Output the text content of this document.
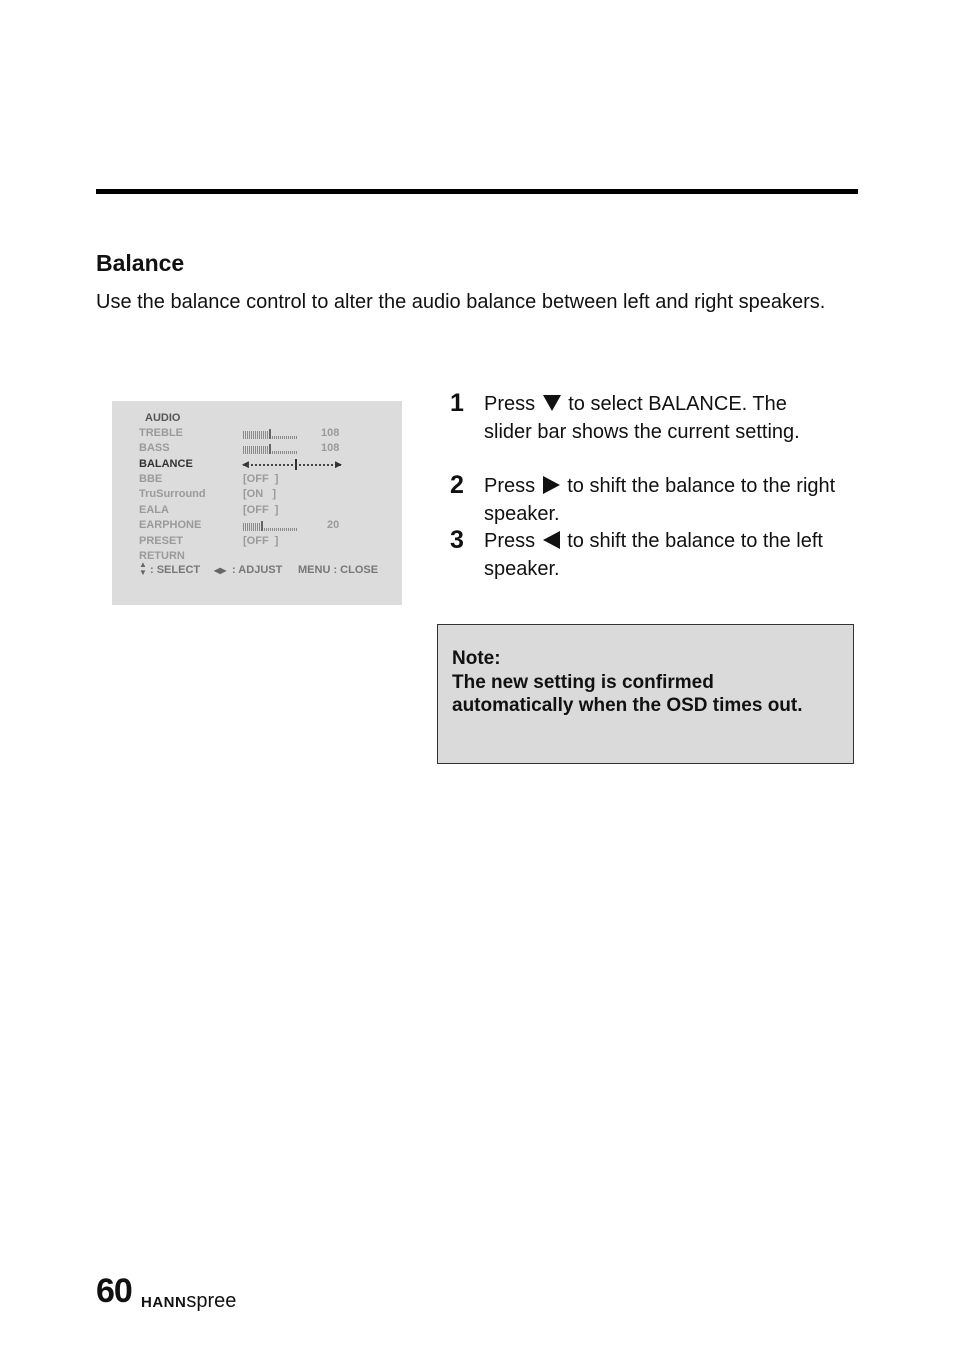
Balance

Use the balance control to alter the audio balance between left and right speakers.

AUDIO
TREBLE	108
BASS	108
BALANCE	◀	▶
BBE	[OFF  ]
TruSurround	[ON   ]
EALA	[OFF  ]
EARPHONE	20
PRESET	[OFF  ]
RETURN
▲
▼ : SELECT ◀▶ : ADJUST MENU : CLOSE
1 Press to select BALANCE. The slider bar shows the current setting.
2 Press to shift the balance to the right speaker.
3 Press to shift the balance to the left speaker.
Note:
The new setting is confirmed automatically when the OSD times out.
60 HANNspree
